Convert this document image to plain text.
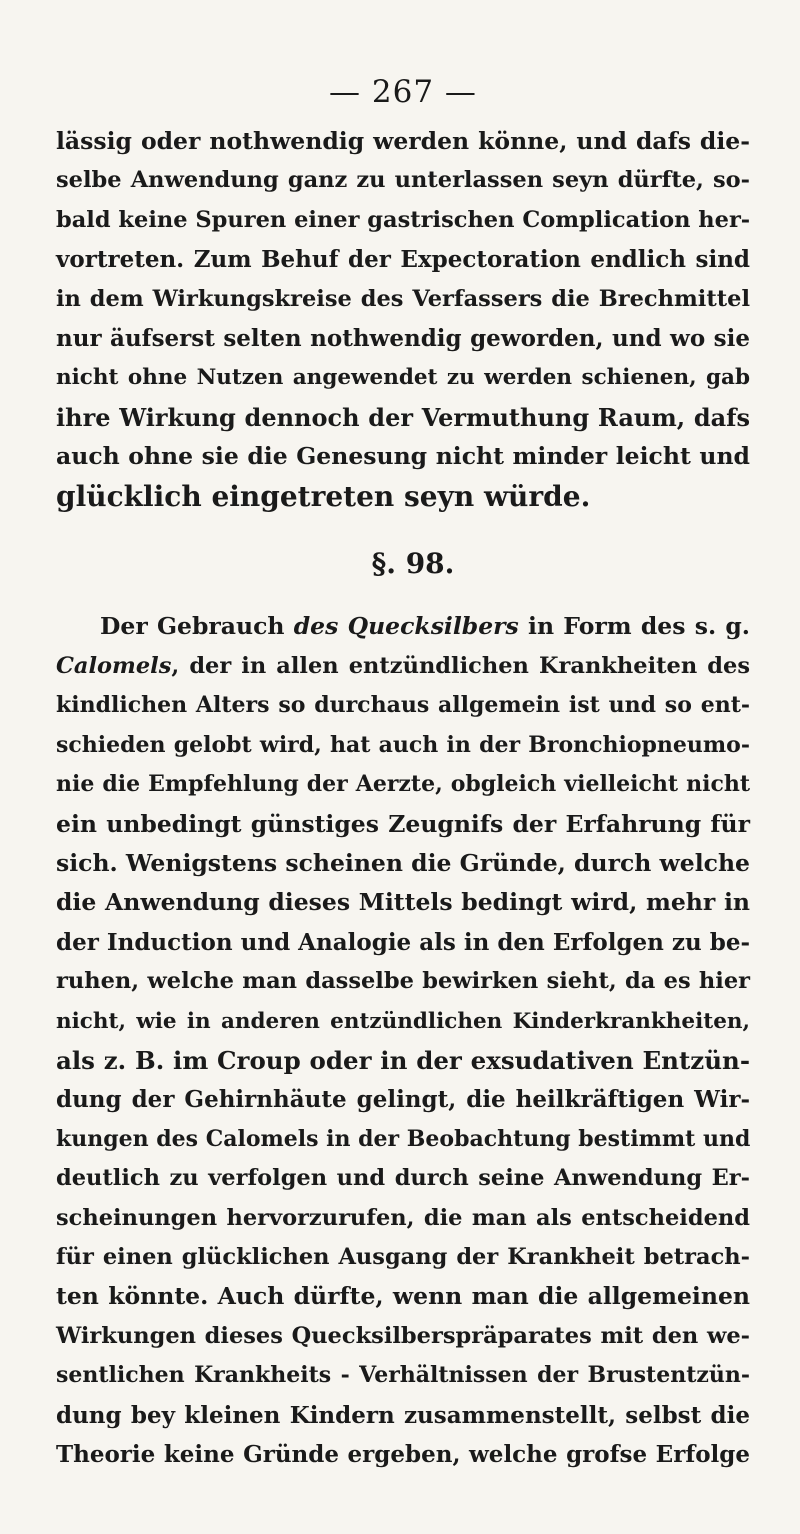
— 267 —
lässig oder nothwendig werden könne, und dafs die-
selbe Anwendung ganz zu unterlassen seyn dürfte, so-
bald keine Spuren einer gastrischen Complication her-
vortreten. Zum Behuf der Expectoration endlich sind
in dem Wirkungskreise des Verfassers die Brechmittel
nur äufserst selten nothwendig geworden, und wo sie
nicht ohne Nutzen angewendet zu werden schienen, gab
ihre Wirkung dennoch der Vermuthung Raum, dafs
auch ohne sie die Genesung nicht minder leicht und
glücklich eingetreten seyn würde.
§. 98.
Der Gebrauch des Quecksilbers in Form des s. g.
Calomels, der in allen entzündlichen Krankheiten des
kindlichen Alters so durchaus allgemein ist und so ent-
schieden gelobt wird, hat auch in der Bronchiopneumo-
nie die Empfehlung der Aerzte, obgleich vielleicht nicht
ein unbedingt günstiges Zeugnifs der Erfahrung für
sich. Wenigstens scheinen die Gründe, durch welche
die Anwendung dieses Mittels bedingt wird, mehr in
der Induction und Analogie als in den Erfolgen zu be-
ruhen, welche man dasselbe bewirken sieht, da es hier
nicht, wie in anderen entzündlichen Kinderkrankheiten,
als z. B. im Croup oder in der exsudativen Entzün-
dung der Gehirnhäute gelingt, die heilkräftigen Wir-
kungen des Calomels in der Beobachtung bestimmt und
deutlich zu verfolgen und durch seine Anwendung Er-
scheinungen hervorzurufen, die man als entscheidend
für einen glücklichen Ausgang der Krankheit betrach-
ten könnte. Auch dürfte, wenn man die allgemeinen
Wirkungen dieses Quecksilberspräparates mit den we-
sentlichen Krankheits - Verhältnissen der Brustentzün-
dung bey kleinen Kindern zusammenstellt, selbst die
Theorie keine Gründe ergeben, welche grofse Erfolge
